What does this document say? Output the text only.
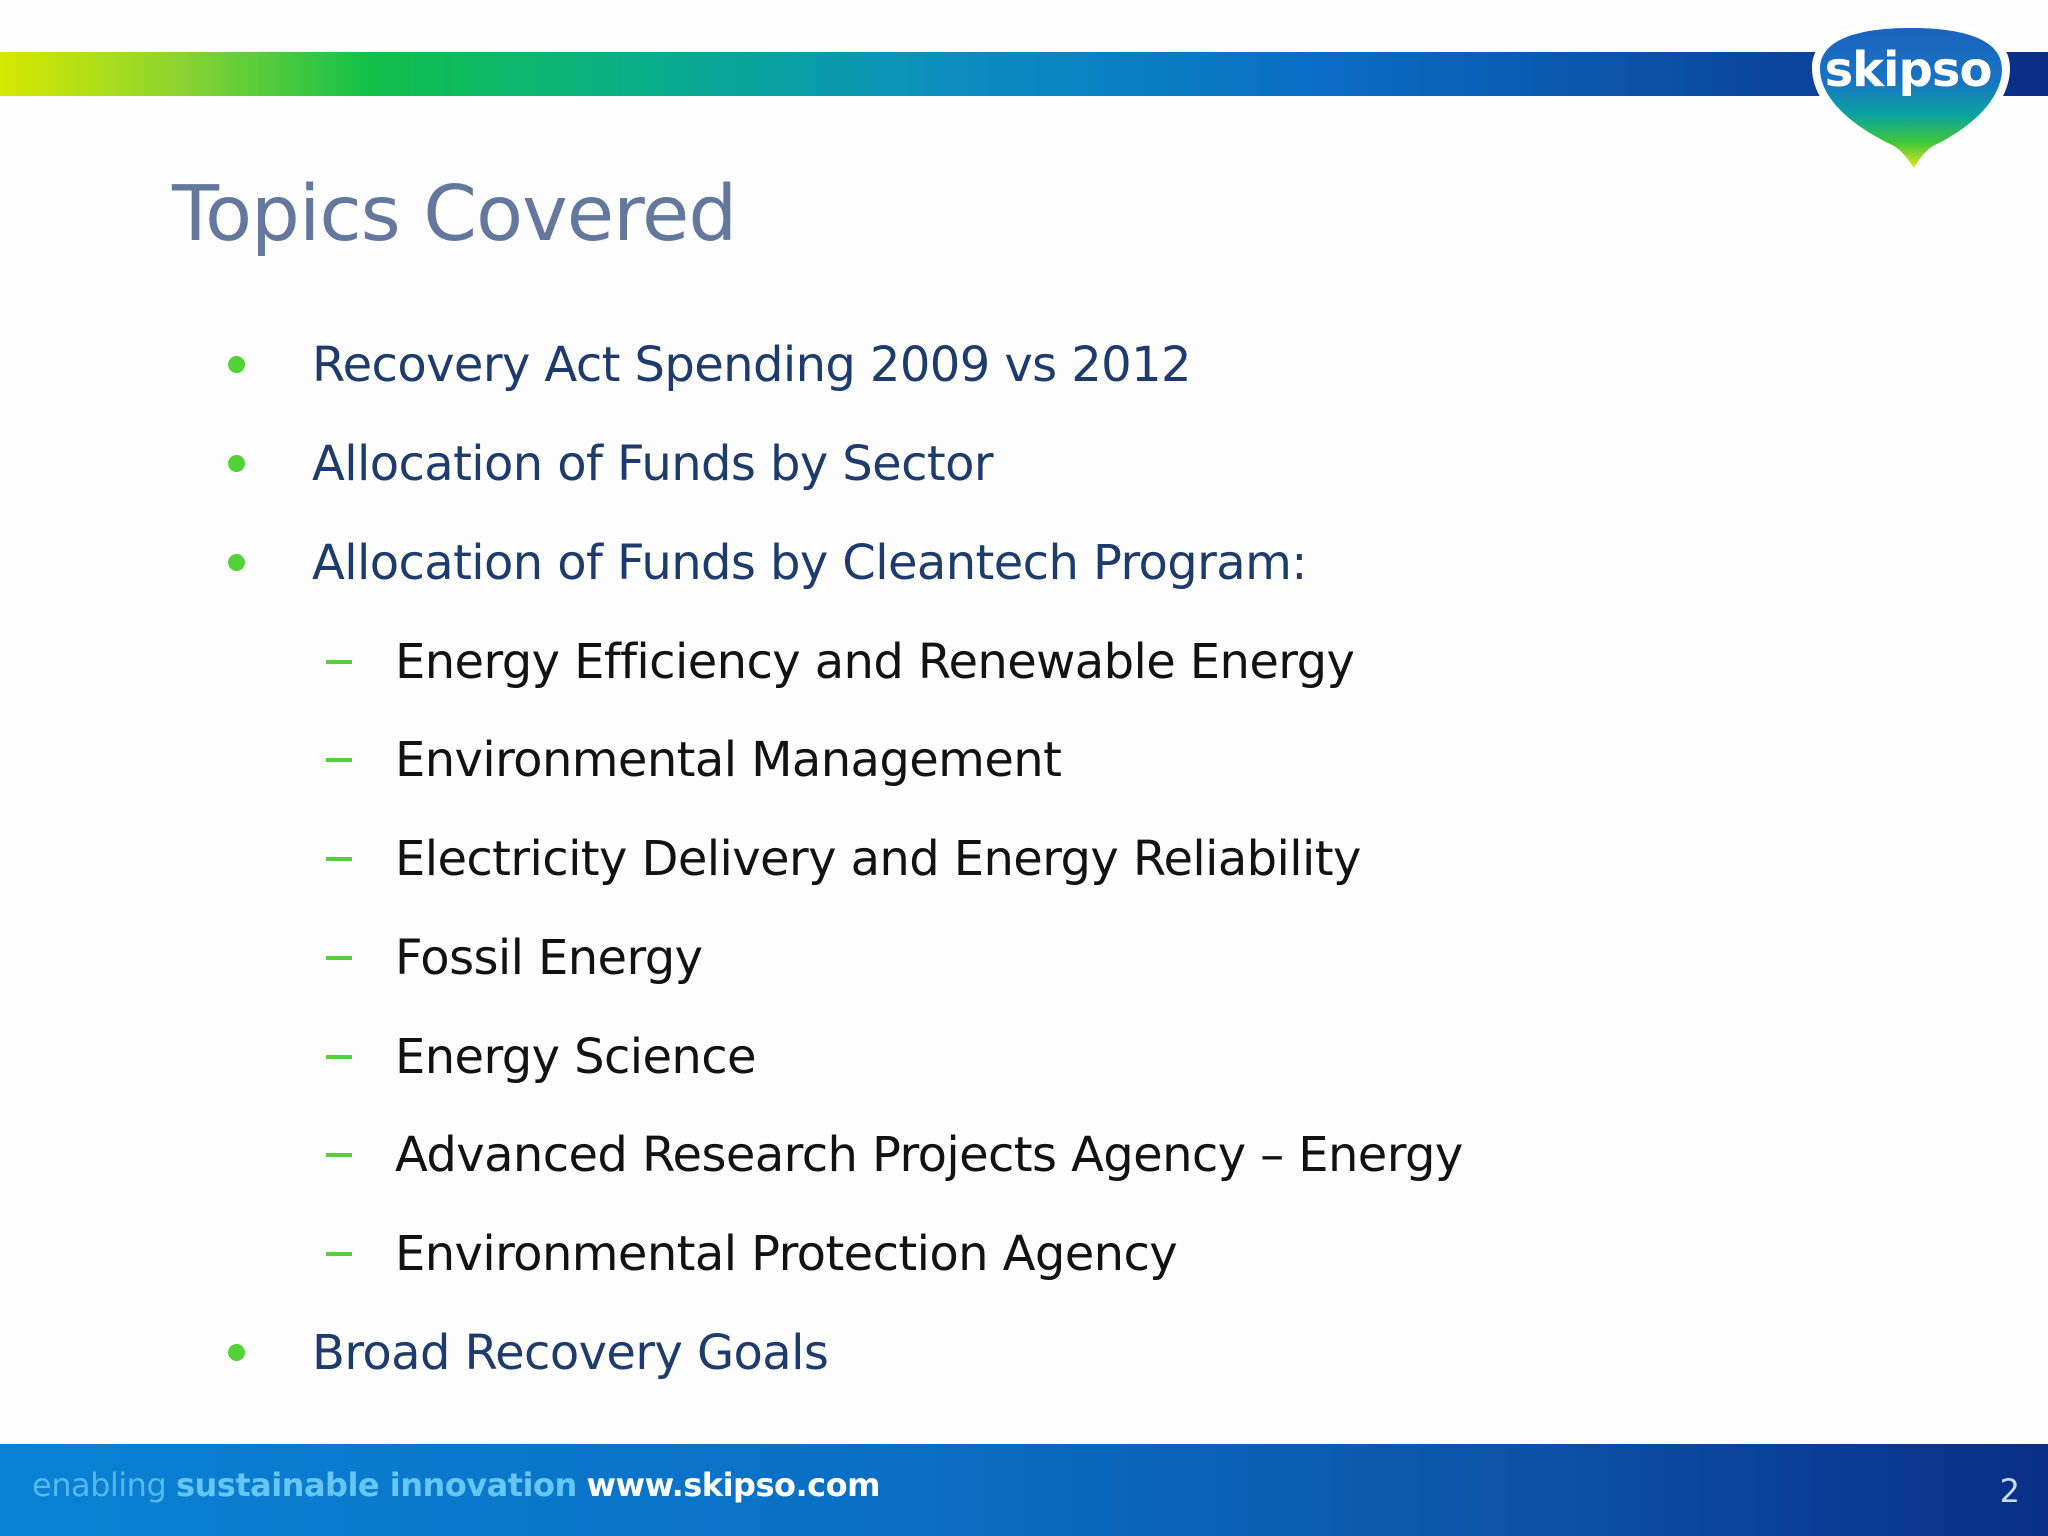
skipso
Topics Covered
Recovery Act Spending 2009 vs 2012
Allocation of Funds by Sector
Allocation of Funds by Cleantech Program:
Energy Efficiency and Renewable Energy
Environmental Management
Electricity Delivery and Energy Reliability
Fossil Energy
Energy Science
Advanced Research Projects Agency – Energy
Environmental Protection Agency
Broad Recovery Goals
enabling sustainable innovation www.skipso.com	2
